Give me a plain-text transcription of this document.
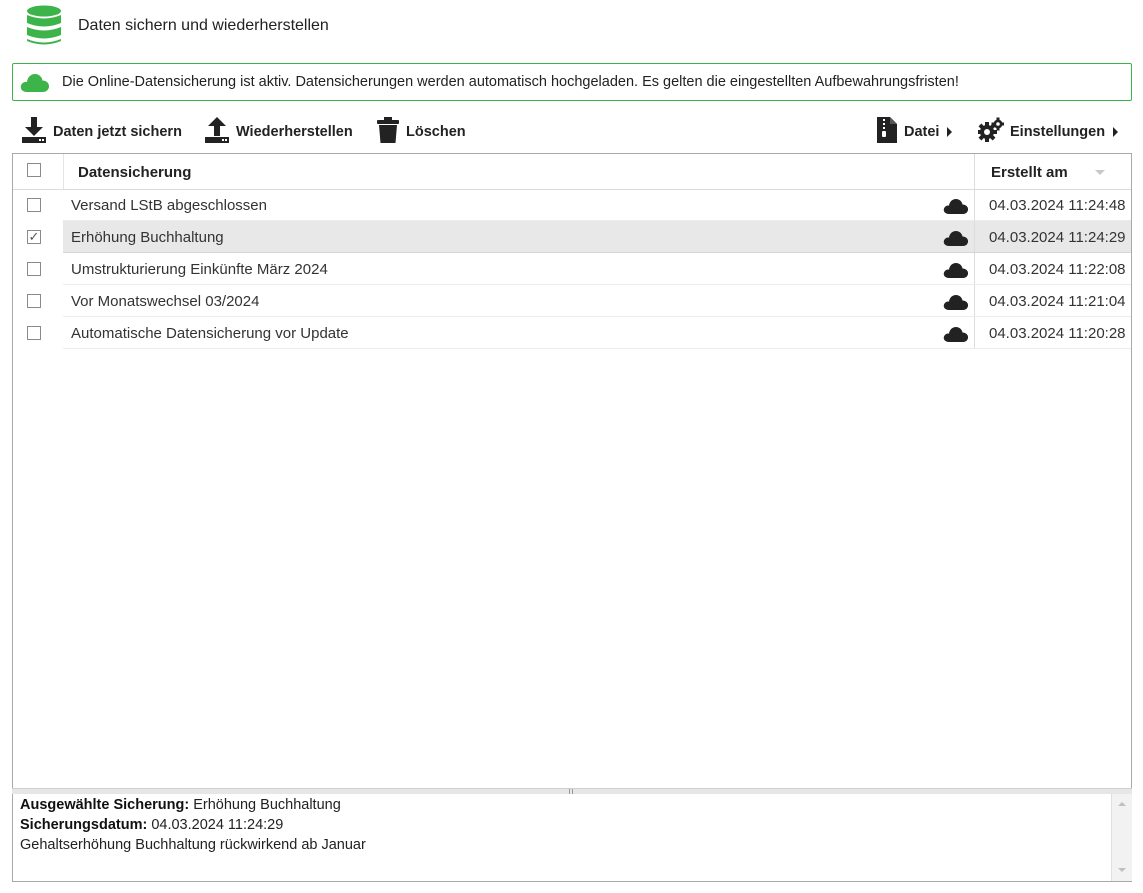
Daten sichern und wiederherstellen
Die Online-Datensicherung ist aktiv. Datensicherungen werden automatisch hochgeladen. Es gelten die eingestellten Aufbewahrungsfristen!
Daten jetzt sichern	Wiederherstellen	Löschen	Datei	Einstellungen
Datensicherung	Erstellt am
Versand LStB abgeschlossen	04.03.2024 11:24:48
✓ Erhöhung Buchhaltung	04.03.2024 11:24:29
Umstrukturierung Einkünfte März 2024	04.03.2024 11:22:08
Vor Monatswechsel 03/2024	04.03.2024 11:21:04
Automatische Datensicherung vor Update	04.03.2024 11:20:28
Ausgewählte Sicherung: Erhöhung Buchhaltung
Sicherungsdatum: 04.03.2024 11:24:29
Gehaltserhöhung Buchhaltung rückwirkend ab Januar
